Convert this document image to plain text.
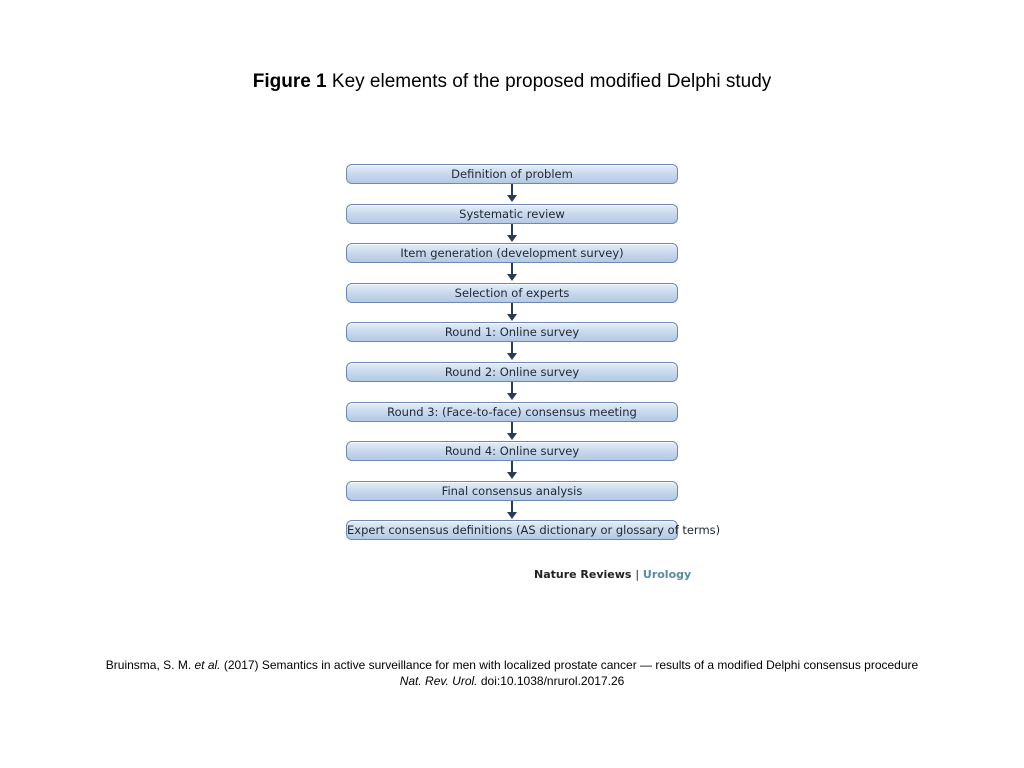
Figure 1 Key elements of the proposed modified Delphi study
Definition of problem
Systematic review
Item generation (development survey)
Selection of experts
Round 1: Online survey
Round 2: Online survey
Round 3: (Face-to-face) consensus meeting
Round 4: Online survey
Final consensus analysis
Expert consensus definitions (AS dictionary or glossary of terms)
Nature Reviews | Urology
Bruinsma, S. M. et al. (2017) Semantics in active surveillance for men with localized prostate cancer — results of a modified Delphi consensus procedure
Nat. Rev. Urol. doi:10.1038/nrurol.2017.26
